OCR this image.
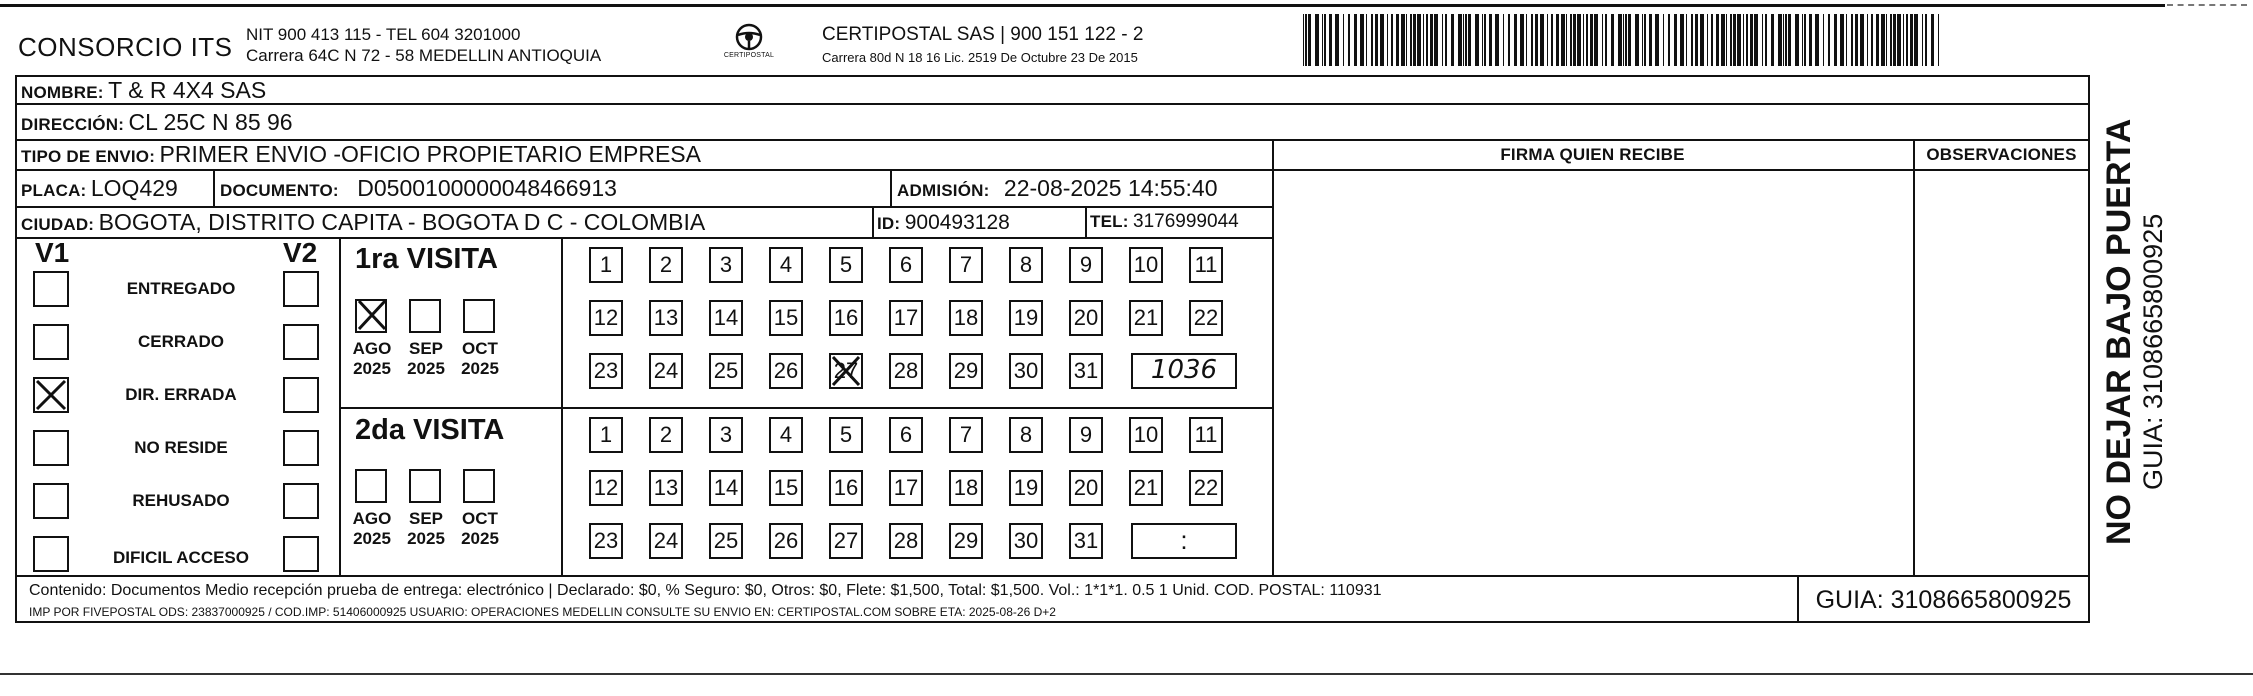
CONSORCIO ITS NIT 900 413 115 - TEL 604 3201000
Carrera 64C N 72 - 58 MEDELLIN ANTIOQUIA	CERTIPOSTAL
CERTIPOSTAL SAS | 900 151 122 - 2
Carrera 80d N 18 16 Lic. 2519 De Octubre 23 De 2015
NOMBRE: T & R 4X4 SAS
DIRECCIÓN: CL 25C N 85 96
TIPO DE ENVIO: PRIMER ENVIO -OFICIO PROPIETARIO EMPRESA
PLACA: LOQ429 DOCUMENTO: D0500100000048466913	ADMISIÓN: 22-08-2025 14:55:40
CIUDAD: BOGOTA, DISTRITO CAPITA - BOGOTA D C - COLOMBIA	ID: 900493128	TEL: 3176999044
FIRMA QUIEN RECIBE	OBSERVACIONES
V1	V2 1ra VISITA
2da VISITA
Contenido: Documentos Medio recepción prueba de entrega: electrónico | Declarado: $0, % Seguro: $0, Otros: $0, Flete: $1,500, Total: $1,500. Vol.: 1*1*1. 0.5 1 Unid. COD. POSTAL: 110931
IMP POR FIVEPOSTAL ODS: 23837000925 / COD.IMP: 51406000925 USUARIO: OPERACIONES MEDELLIN CONSULTE SU ENVIO EN: CERTIPOSTAL.COM SOBRE ETA: 2025-08-26 D+2	GUIA: 3108665800925
ENTREGADO
CERRADO
DIR. ERRADA
NO RESIDE
REHUSADO
DIFICIL ACCESO
AGO
2025
SEP
2025
OCT
2025
1	2	3	4	5	6	7	8	9	10 11
12 13 14 15 16 17 18 19 20 21 22
23 24 25 26 27 28 29 30 31	1036
AGO
2025
SEP
2025
OCT
2025
1	2	3	4	5	6	7	8	9	10 11
12 13 14 15 16 17 18 19 20 21 22
23 24 25 26 27 28 29 30 31	:	NO DEJAR BAJO PUERTA GUIA: 3108665800925
